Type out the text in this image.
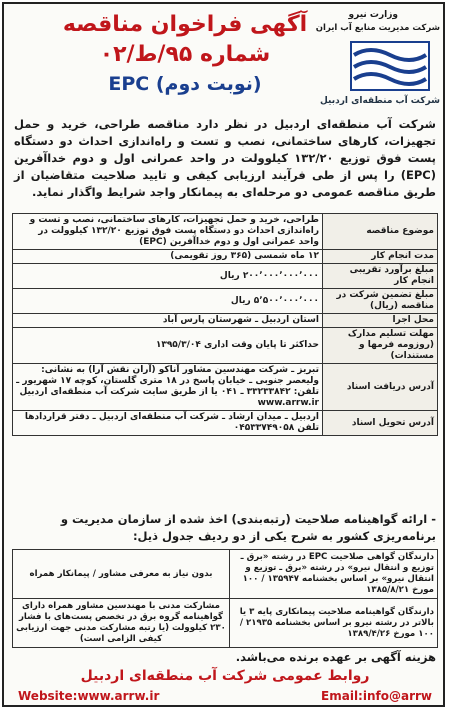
آگهی فراخوان مناقصه
شماره ۹۵/ط/۰۲
(نوبت دوم) EPC
وزارت نیرو
شرکت مدیریت منابع آب ایران
شرکت آب منطقه‌ای اردبیل
شرکت آب منطقه‌ای اردبیل در نظر دارد مناقصه طراحی، خرید و حمل تجهیزات، کارهای ساختمانی، نصب و تست و راه‌اندازی احداث دو دستگاه پست فوق توزیع ۱۳۲/۲۰ کیلوولت در واحد عمرانی اول و دوم خداآفرین (EPC) را پس از طی فرآیند ارزیابی کیفی و تایید صلاحیت متقاضیان از طریق مناقصه عمومی دو مرحله‌ای به پیمانکار واجد شرایط واگذار نماید.
موضوع مناقصه	طراحی، خرید و حمل تجهیزات، کارهای ساختمانی، نصب و تست و راه‌اندازی احداث دو دستگاه پست فوق توزیع ۱۳۲/۲۰ کیلوولت در واحد عمرانی اول و دوم خداآفرین (EPC)
مدت انجام کار	۱۲ ماه شمسی (۳۶۵ روز تقویمی)
مبلغ برآورد تقریبی انجام کار	۲۰۰٬۰۰۰٬۰۰۰٬۰۰۰ ریال
مبلغ تضمین شرکت در مناقصه (ریال)	۵٬۵۰۰٬۰۰۰٬۰۰۰ ریال
محل اجرا	استان اردبیل ـ شهرستان پارس آباد
مهلت تسلیم مدارک (روزومه فرمها و مستندات)	حداکثر تا پایان وقت اداری ۱۳۹۵/۳/۰۴
آدرس دریافت اسناد	تبریز ـ شرکت مهندسین مشاور آناکو (آران نقش آرا) به نشانی: ولیعصر جنوبی ـ خیابان پاسخ در ۱۸ متری گلستان، کوچه ۱۷ شهریور ـ تلفن: ۳۳۲۳۳۸۴۲ ـ ۰۴۱ یا از طریق سایت شرکت آب منطقه‌ای اردبیل www.arrw.ir
آدرس تحویل اسناد	اردبیل ـ میدان ارشاد ـ شرکت آب منطقه‌ای اردبیل ـ دفتر قراردادها تلفن ۰۴۵۳۳۷۴۹۰۵۸
- ارائه گواهینامه صلاحیت (رتبه‌بندی) اخذ شده از سازمان مدیریت و برنامه‌ریزی کشور به شرح یکی از دو ردیف جدول ذیل:
دارندگان گواهی صلاحیت EPC در رشته «برق ـ توزیع و انتقال نیرو» در رشته «برق ـ توزیع و انتقال نیرو» بر اساس بخشنامه ۱۳۵۹۴۷ / ۱۰۰ مورخ ۱۳۸۵/۸/۲۱	بدون نیاز به معرفی مشاور / پیمانکار همراه
دارندگان گواهینامه صلاحیت پیمانکاری پایه ۳ یا بالاتر در رشته نیرو بر اساس بخشنامه ۲۱۹۳۵ / ۱۰۰ مورخ ۱۳۸۹/۴/۲۶	مشارکت مدنی با مهندسین مشاور همراه دارای گواهینامه گروه برق در تخصص پست‌های با فشار ۲۳۰ کیلوولت (یا رتبه مشارکت مدنی جهت ارزیابی کیفی الزامی است)
هزینه آگهی بر عهده برنده می‌باشد.
روابط عمومی شرکت آب منطقه‌ای اردبیل
Website:www.arrw.ir	Email:info@arrw
